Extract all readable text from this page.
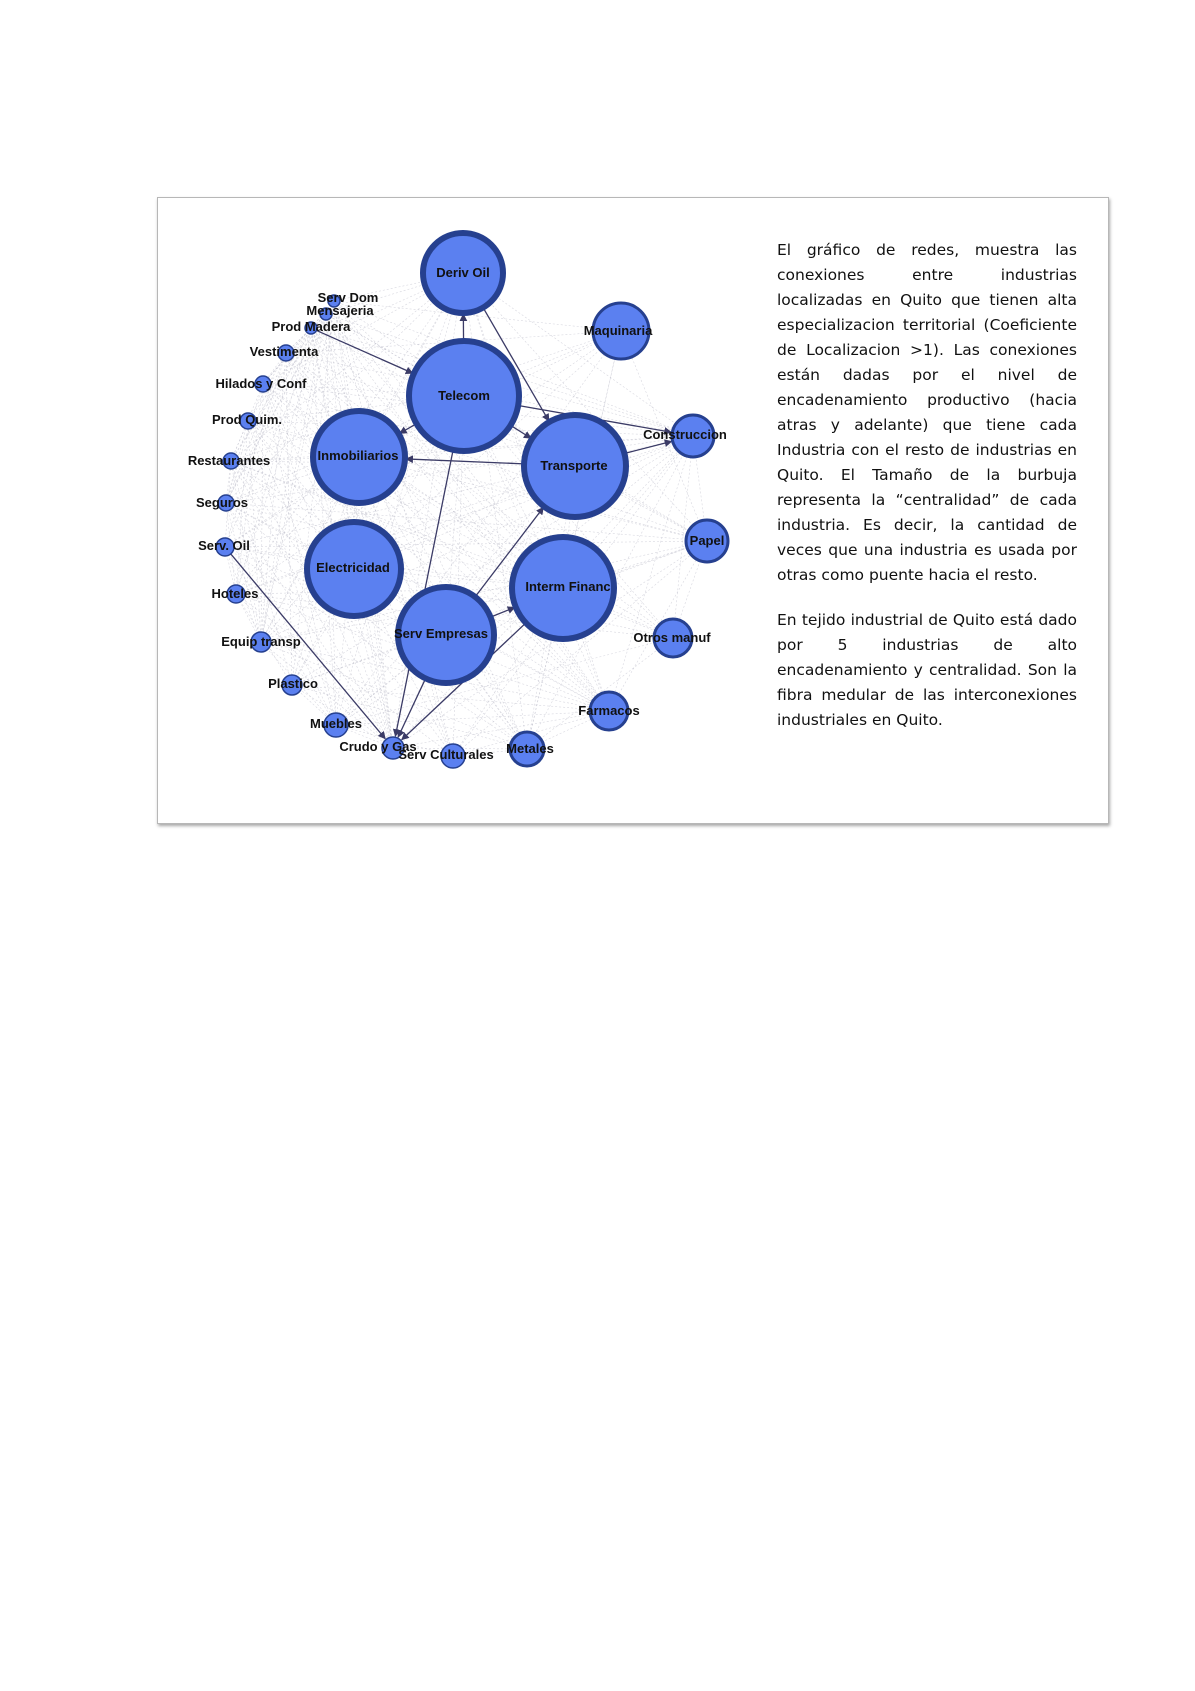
Deriv Oil
Serv Dom
Mensajeria
Prod Madera
Vestimenta
Hilados y Conf
Prod Quim.
Restaurantes
Seguros
Serv. Oil
Hoteles
Equip transp
Plastico
Muebles
Crudo y Gas
Serv Culturales Metales
Farmacos
Otros manuf
Papel
Construccion
Maquinaria
Telecom
Inmobiliarios
Transporte
Electricidad
Interm Financ
Serv Empresas

El gráfico de redes, muestra las conexiones entre industrias localizadas en Quito que tienen alta especializacion territorial (Coeficiente de Localizacion >1). Las conexiones están dadas por el nivel de encadenamiento productivo (hacia atras y adelante) que tiene cada Industria con el resto de industrias en Quito. El Tamaño de la burbuja representa la “centralidad” de cada industria. Es decir, la cantidad de veces que una industria es usada por otras como puente hacia el resto.

En tejido industrial de Quito está dado por 5 industrias de alto encadenamiento y centralidad. Son la fibra medular de las interconexiones industriales en Quito.
